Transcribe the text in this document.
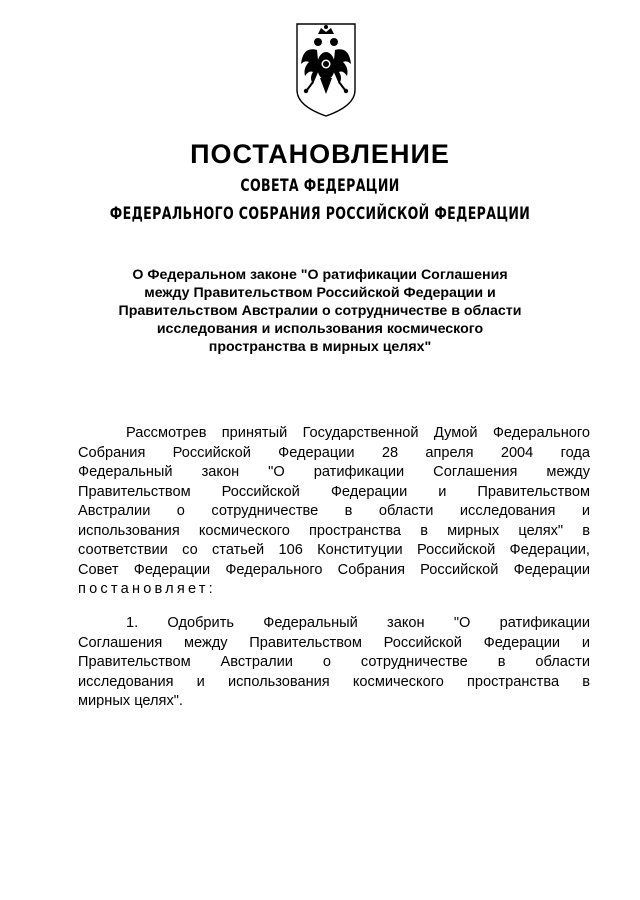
ПОСТАНОВЛЕНИЕ
СОВЕТА ФЕДЕРАЦИИ
ФЕДЕРАЛЬНОГО СОБРАНИЯ РОССИЙСКОЙ ФЕДЕРАЦИИ
О Федеральном законе "О ратификации Соглашения
между Правительством Российской Федерации и
Правительством Австралии о сотрудничестве в области
исследования и использования космического
пространства в мирных целях"
Рассмотрев принятый Государственной Думой Федерального
Собрания Российской Федерации 28 апреля 2004 года
Федеральный закон "О ратификации Соглашения между
Правительством Российской Федерации и Правительством
Австралии о сотрудничестве в области исследования и
использования космического пространства в мирных целях" в
соответствии со статьей 106 Конституции Российской Федерации,
Совет Федерации Федерального Собрания Российской Федерации
постановляет:
1. Одобрить Федеральный закон "О ратификации
Соглашения между Правительством Российской Федерации и
Правительством Австралии о сотрудничестве в области
исследования и использования космического пространства в
мирных целях".
